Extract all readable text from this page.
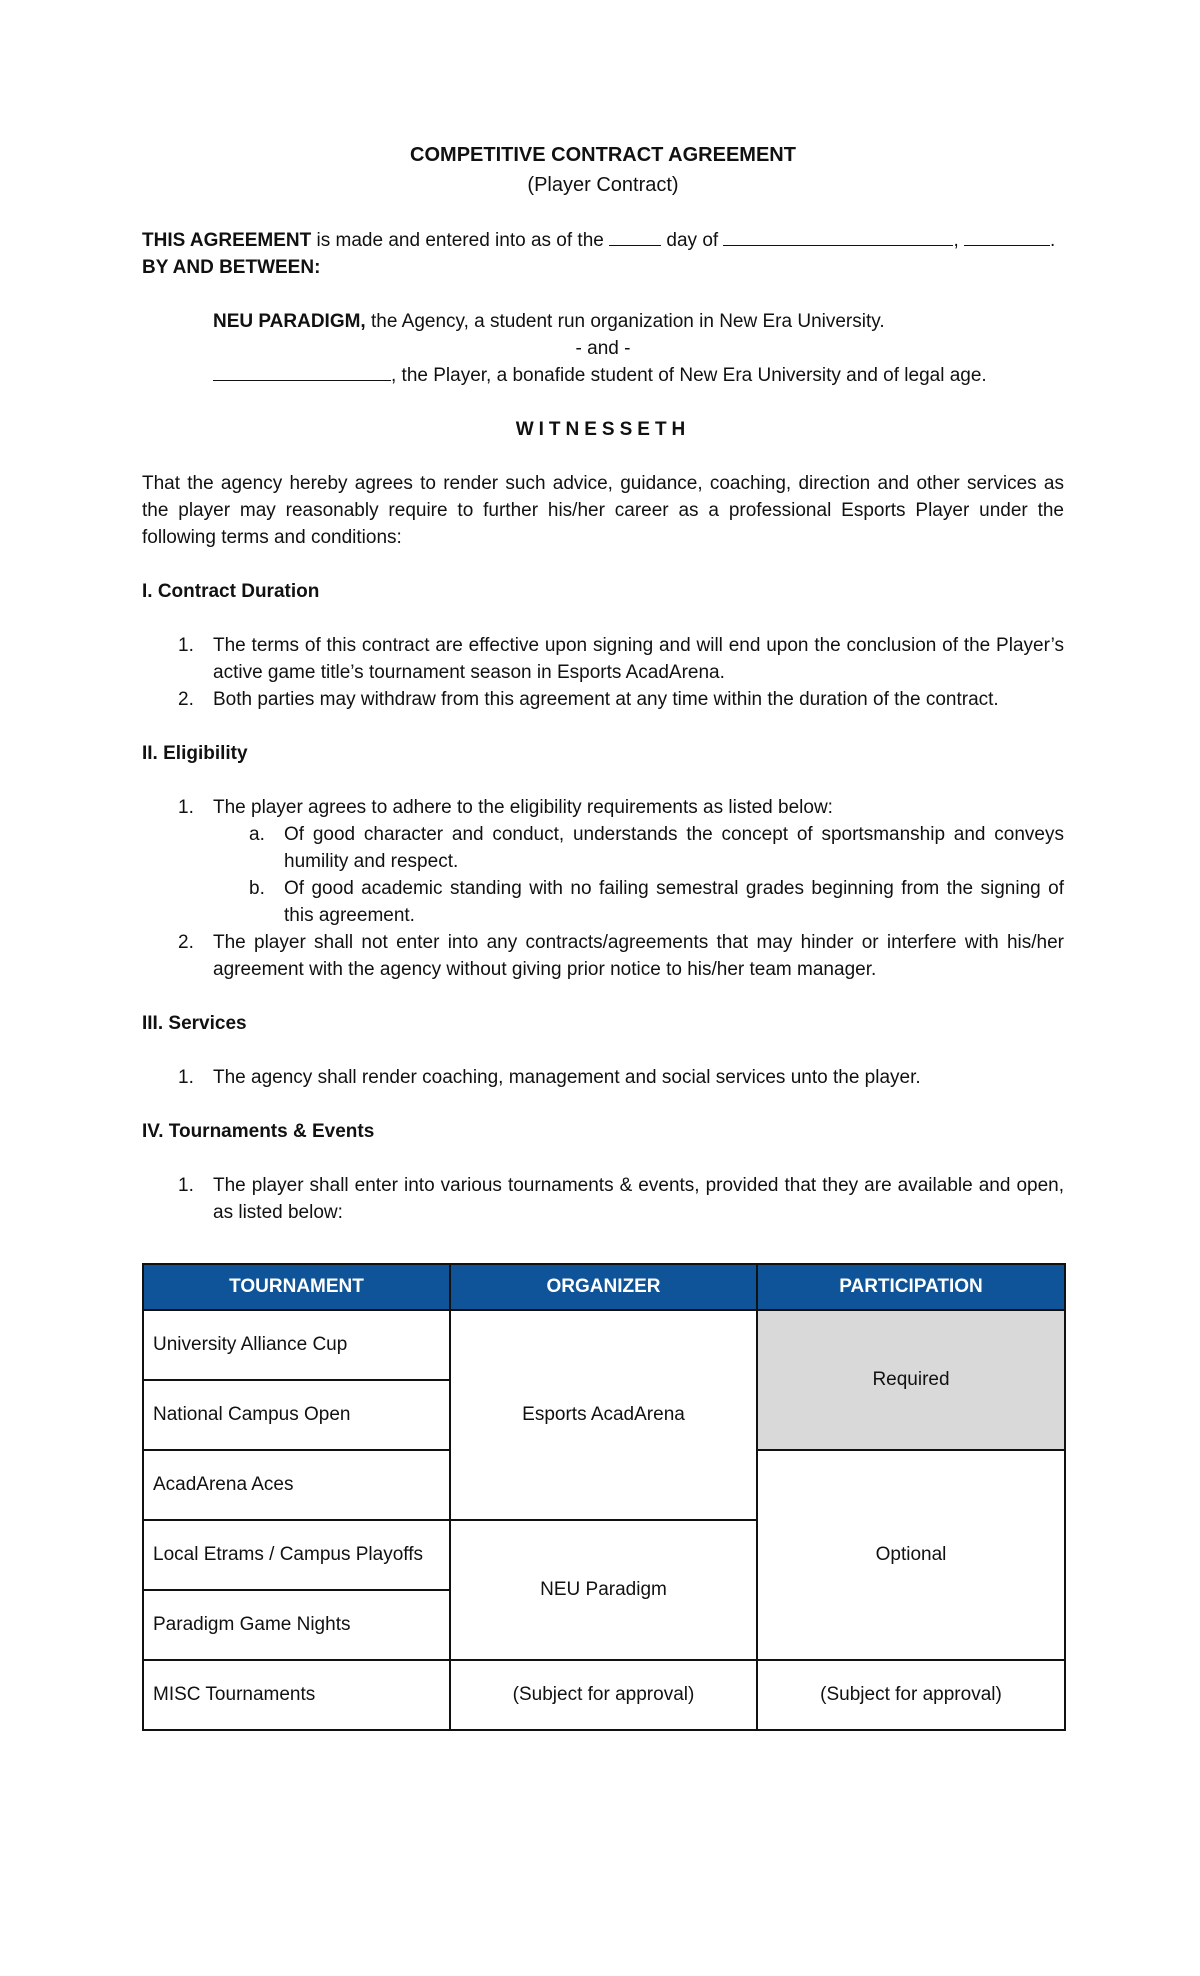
COMPETITIVE CONTRACT AGREEMENT
(Player Contract)
THIS AGREEMENT is made and entered into as of the	day of	,	.
BY AND BETWEEN:
NEU PARADIGM, the Agency, a student run organization in New Era University.
- and -
, the Player, a bonafide student of New Era University and of legal age.
WITNESSETH
That the agency hereby agrees to render such advice, guidance, coaching, direction and other services as the player may reasonably require to further his/her career as a professional Esports Player under the following terms and conditions:
I. Contract Duration
1. The terms of this contract are effective upon signing and will end upon the conclusion of the Player’s active game title’s tournament season in Esports AcadArena.
2. Both parties may withdraw from this agreement at any time within the duration of the contract.
II. Eligibility
1. The player agrees to adhere to the eligibility requirements as listed below:
a. Of good character and conduct, understands the concept of sportsmanship and conveys humility and respect.
b. Of good academic standing with no failing semestral grades beginning from the signing of this agreement.
2. The player shall not enter into any contracts/agreements that may hinder or interfere with his/her agreement with the agency without giving prior notice to his/her team manager.
III. Services
1. The agency shall render coaching, management and social services unto the player.
IV. Tournaments & Events
1. The player shall enter into various tournaments & events, provided that they are available and open, as listed below:
TOURNAMENT	ORGANIZER	PARTICIPATION
University Alliance Cup	Esports AcadArena	Required
National Campus Open		
AcadArena Aces		Optional
Local Etrams / Campus Playoffs	NEU Paradigm	
Paradigm Game Nights		
MISC Tournaments	(Subject for approval)	(Subject for approval)
